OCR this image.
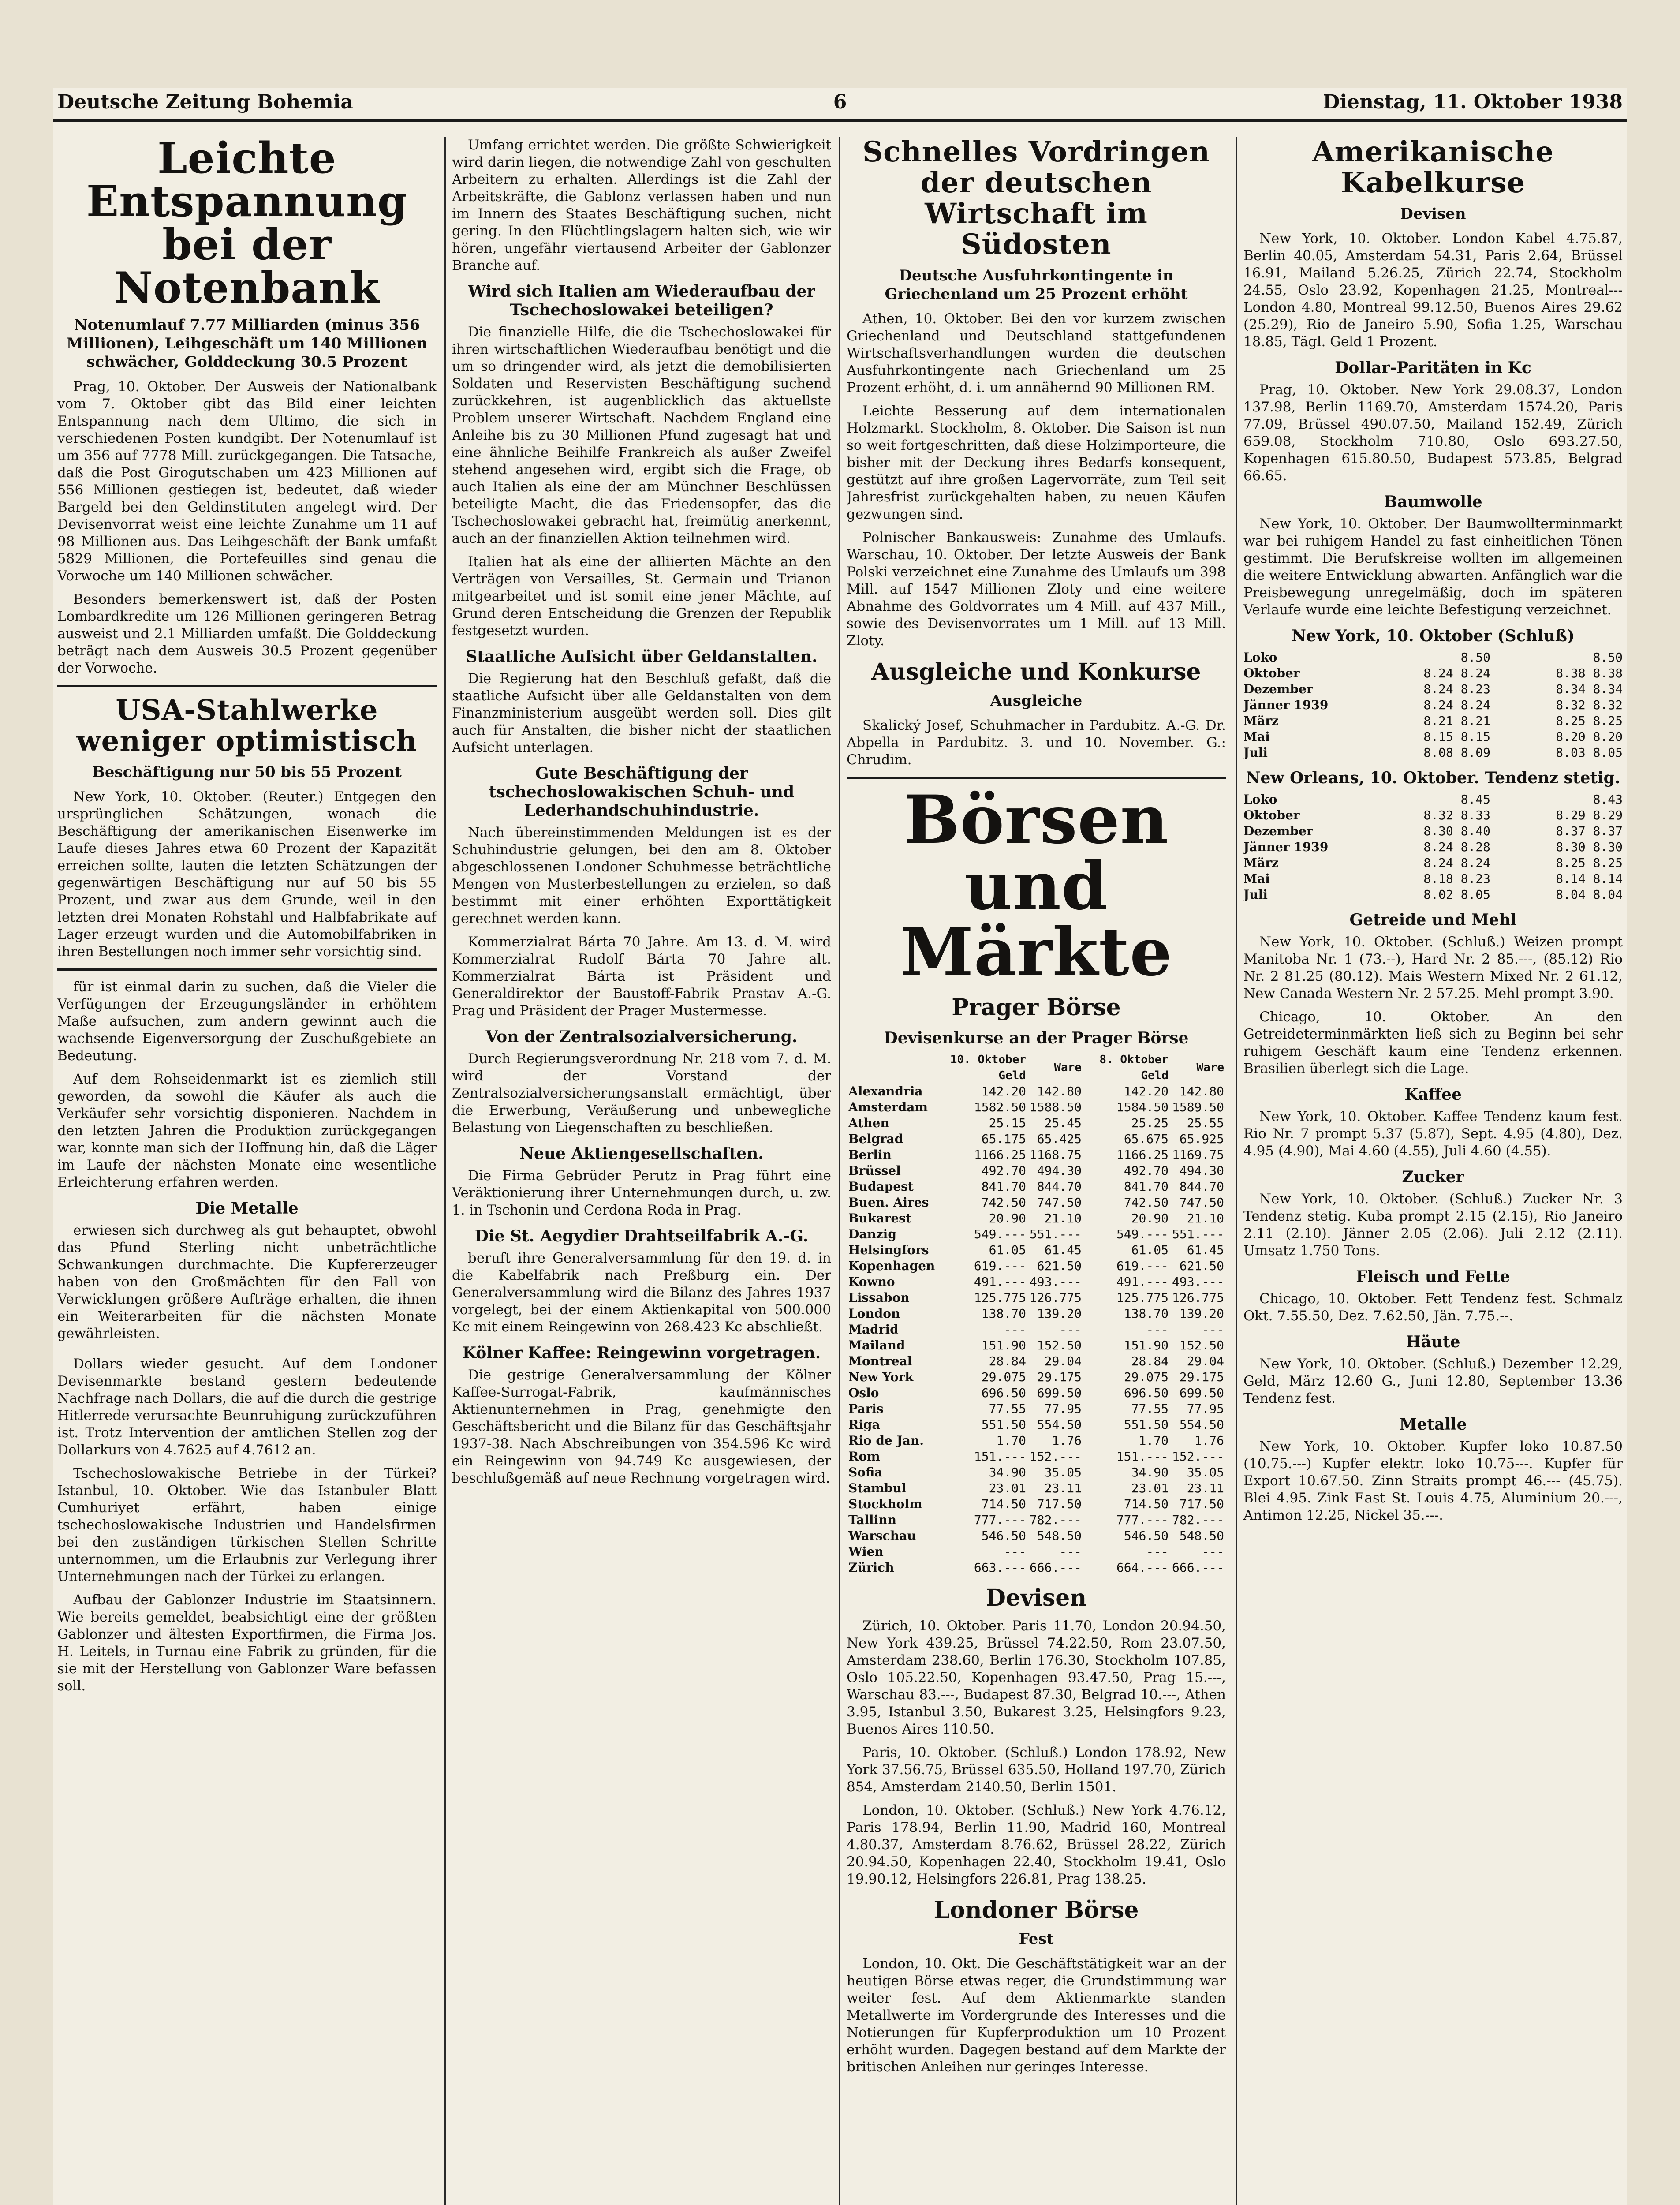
Deutsche Zeitung Bohemia	6	Dienstag, 11. Oktober 1938
Leichte Entspannung bei der Notenbank
Notenumlauf 7.77 Milliarden (minus 356 Millionen), Leihgeschäft um 140 Millionen schwächer, Golddeckung 30.5 Prozent

Prag, 10. Oktober. Der Ausweis der Nationalbank vom 7. Oktober gibt das Bild einer leichten Entspannung nach dem Ultimo, die sich in verschiedenen Posten kundgibt. Der Notenumlauf ist um 356 auf 7778 Mill. zurückgegangen. Die Tatsache, daß die Post Girogutschaben um 423 Millionen auf 556 Millionen gestiegen ist, bedeutet, daß wieder Bargeld bei den Geldinstituten angelegt wird. Der Devisenvorrat weist eine leichte Zunahme um 11 auf 98 Millionen aus. Das Leihgeschäft der Bank umfaßt 5829 Millionen, die Portefeuilles sind genau die Vorwoche um 140 Millionen schwächer.

Besonders bemerkenswert ist, daß der Posten Lombardkredite um 126 Millionen geringeren Betrag ausweist und 2.1 Milliarden umfaßt. Die Golddeckung beträgt nach dem Ausweis 30.5 Prozent gegenüber der Vorwoche.

USA-Stahlwerke weniger optimistisch
Beschäftigung nur 50 bis 55 Prozent

New York, 10. Oktober. (Reuter.) Entgegen den ursprünglichen Schätzungen, wonach die Beschäftigung der amerikanischen Eisenwerke im Laufe dieses Jahres etwa 60 Prozent der Kapazität erreichen sollte, lauten die letzten Schätzungen der gegenwärtigen Beschäftigung nur auf 50 bis 55 Prozent, und zwar aus dem Grunde, weil in den letzten drei Monaten Rohstahl und Halbfabrikate auf Lager erzeugt wurden und die Automobilfabriken in ihren Bestellungen noch immer sehr vorsichtig sind.

für ist einmal darin zu suchen, daß die Vieler die Verfügungen der Erzeugungsländer in erhöhtem Maße aufsuchen, zum andern gewinnt auch die wachsende Eigenversorgung der Zuschußgebiete an Bedeutung.

Auf dem Rohseidenmarkt ist es ziemlich still geworden, da sowohl die Käufer als auch die Verkäufer sehr vorsichtig disponieren. Nachdem in den letzten Jahren die Produktion zurückgegangen war, konnte man sich der Hoffnung hin, daß die Läger im Laufe der nächsten Monate eine wesentliche Erleichterung erfahren werden.

Die Metalle

erwiesen sich durchweg als gut behauptet, obwohl das Pfund Sterling nicht unbeträchtliche Schwankungen durchmachte. Die Kupfererzeuger haben von den Großmächten für den Fall von Verwicklungen größere Aufträge erhalten, die ihnen ein Weiterarbeiten für die nächsten Monate gewährleisten.

Dollars wieder gesucht. Auf dem Londoner Devisenmarkte bestand gestern bedeutende Nachfrage nach Dollars, die auf die durch die gestrige Hitlerrede verursachte Beunruhigung zurückzuführen ist. Trotz Intervention der amtlichen Stellen zog der Dollarkurs von 4.7625 auf 4.7612 an.

Tschechoslowakische Betriebe in der Türkei? Istanbul, 10. Oktober. Wie das Istanbuler Blatt Cumhuriyet erfährt, haben einige tschechoslowakische Industrien und Handelsfirmen bei den zuständigen türkischen Stellen Schritte unternommen, um die Erlaubnis zur Verlegung ihrer Unternehmungen nach der Türkei zu erlangen.

Aufbau der Gablonzer Industrie im Staatsinnern. Wie bereits gemeldet, beabsichtigt eine der größten Gablonzer und ältesten Exportfirmen, die Firma Jos. H. Leitels, in Turnau eine Fabrik zu gründen, für die sie mit der Herstellung von Gablonzer Ware befassen soll.

Umfang errichtet werden. Die größte Schwierigkeit wird darin liegen, die notwendige Zahl von geschulten Arbeitern zu erhalten. Allerdings ist die Zahl der Arbeitskräfte, die Gablonz verlassen haben und nun im Innern des Staates Beschäftigung suchen, nicht gering. In den Flüchtlingslagern halten sich, wie wir hören, ungefähr viertausend Arbeiter der Gablonzer Branche auf.

Wird sich Italien am Wiederaufbau der Tschechoslowakei beteiligen?

Die finanzielle Hilfe, die die Tschechoslowakei für ihren wirtschaftlichen Wiederaufbau benötigt und die um so dringender wird, als jetzt die demobilisierten Soldaten und Reservisten Beschäftigung suchend zurückkehren, ist augenblicklich das aktuellste Problem unserer Wirtschaft. Nachdem England eine Anleihe bis zu 30 Millionen Pfund zugesagt hat und eine ähnliche Beihilfe Frankreich als außer Zweifel stehend angesehen wird, ergibt sich die Frage, ob auch Italien als eine der am Münchner Beschlüssen beteiligte Macht, die das Friedensopfer, das die Tschechoslowakei gebracht hat, freimütig anerkennt, auch an der finanziellen Aktion teilnehmen wird.

Italien hat als eine der alliierten Mächte an den Verträgen von Versailles, St. Germain und Trianon mitgearbeitet und ist somit eine jener Mächte, auf Grund deren Entscheidung die Grenzen der Republik festgesetzt wurden.

Staatliche Aufsicht über Geldanstalten.

Die Regierung hat den Beschluß gefaßt, daß die staatliche Aufsicht über alle Geldanstalten von dem Finanzministerium ausgeübt werden soll. Dies gilt auch für Anstalten, die bisher nicht der staatlichen Aufsicht unterlagen.

Gute Beschäftigung der tschechoslowakischen Schuh- und Lederhandschuhindustrie.

Nach übereinstimmenden Meldungen ist es der Schuhindustrie gelungen, bei den am 8. Oktober abgeschlossenen Londoner Schuhmesse beträchtliche Mengen von Musterbestellungen zu erzielen, so daß bestimmt mit einer erhöhten Exporttätigkeit gerechnet werden kann.

Kommerzialrat Bárta 70 Jahre. Am 13. d. M. wird Kommerzialrat Rudolf Bárta 70 Jahre alt. Kommerzialrat Bárta ist Präsident und Generaldirektor der Baustoff-Fabrik Prastav A.-G. Prag und Präsident der Prager Mustermesse.

Von der Zentralsozialversicherung.

Durch Regierungsverordnung Nr. 218 vom 7. d. M. wird der Vorstand der Zentralsozialversicherungsanstalt ermächtigt, über die Erwerbung, Veräußerung und unbewegliche Belastung von Liegenschaften zu beschließen.

Neue Aktiengesellschaften.

Die Firma Gebrüder Perutz in Prag führt eine Veräktionierung ihrer Unternehmungen durch, u. zw. 1. in Tschonin und Cerdona Roda in Prag.

Die St. Aegydier Drahtseilfabrik A.-G.

beruft ihre Generalversammlung für den 19. d. in die Kabelfabrik nach Preßburg ein. Der Generalversammlung wird die Bilanz des Jahres 1937 vorgelegt, bei der einem Aktienkapital von 500.000 Kc mit einem Reingewinn von 268.423 Kc abschließt.

Kölner Kaffee: Reingewinn vorgetragen.

Die gestrige Generalversammlung der Kölner Kaffee-Surrogat-Fabrik, kaufmännisches Aktienunternehmen in Prag, genehmigte den Geschäftsbericht und die Bilanz für das Geschäftsjahr 1937-38. Nach Abschreibungen von 354.596 Kc wird ein Reingewinn von 94.749 Kc ausgewiesen, der beschlußgemäß auf neue Rechnung vorgetragen wird.

Schnelles Vordringen der deutschen Wirtschaft im Südosten
Deutsche Ausfuhrkontingente in Griechenland um 25 Prozent erhöht

Athen, 10. Oktober. Bei den vor kurzem zwischen Griechenland und Deutschland stattgefundenen Wirtschaftsverhandlungen wurden die deutschen Ausfuhrkontingente nach Griechenland um 25 Prozent erhöht, d. i. um annähernd 90 Millionen RM.

Leichte Besserung auf dem internationalen Holzmarkt. Stockholm, 8. Oktober. Die Saison ist nun so weit fortgeschritten, daß diese Holzimporteure, die bisher mit der Deckung ihres Bedarfs konsequent, gestützt auf ihre großen Lagervorräte, zum Teil seit Jahresfrist zurückgehalten haben, zu neuen Käufen gezwungen sind.

Polnischer Bankausweis: Zunahme des Umlaufs. Warschau, 10. Oktober. Der letzte Ausweis der Bank Polski verzeichnet eine Zunahme des Umlaufs um 398 Mill. auf 1547 Millionen Zloty und eine weitere Abnahme des Goldvorrates um 4 Mill. auf 437 Mill., sowie des Devisenvorrates um 1 Mill. auf 13 Mill. Zloty.

Ausgleiche und Konkurse
Ausgleiche

Skalický Josef, Schuhmacher in Pardubitz. A.-G. Dr. Abpella in Pardubitz. 3. und 10. November. G.: Chrudim.

Börsen und Märkte
Prager Börse
Devisenkurse an der Prager Börse
	10. Oktober Geld	Ware	8. Oktober Geld	Ware
Alexandria	142.20	142.80	142.20	142.80
Amsterdam	1582.50	1588.50	1584.50	1589.50
Athen	25.15	25.45	25.25	25.55
Belgrad	65.175	65.425	65.675	65.925
Berlin	1166.25	1168.75	1166.25	1169.75
Brüssel	492.70	494.30	492.70	494.30
Budapest	841.70	844.70	841.70	844.70
Buen. Aires	742.50	747.50	742.50	747.50
Bukarest	20.90	21.10	20.90	21.10
Danzig	549.---	551.---	549.---	551.---
Helsingfors	61.05	61.45	61.05	61.45
Kopenhagen	619.---	621.50	619.---	621.50
Kowno	491.---	493.---	491.---	493.---
Lissabon	125.775	126.775	125.775	126.775
London	138.70	139.20	138.70	139.20
Madrid	---	---	---	---
Mailand	151.90	152.50	151.90	152.50
Montreal	28.84	29.04	28.84	29.04
New York	29.075	29.175	29.075	29.175
Oslo	696.50	699.50	696.50	699.50
Paris	77.55	77.95	77.55	77.95
Riga	551.50	554.50	551.50	554.50
Rio de Jan.	1.70	1.76	1.70	1.76
Rom	151.---	152.---	151.---	152.---
Sofia	34.90	35.05	34.90	35.05
Stambul	23.01	23.11	23.01	23.11
Stockholm	714.50	717.50	714.50	717.50
Tallinn	777.---	782.---	777.---	782.---
Warschau	546.50	548.50	546.50	548.50
Wien	---	---	---	---
Zürich	663.---	666.---	664.---	666.---
Devisen

Zürich, 10. Oktober. Paris 11.70, London 20.94.50, New York 439.25, Brüssel 74.22.50, Rom 23.07.50, Amsterdam 238.60, Berlin 176.30, Stockholm 107.85, Oslo 105.22.50, Kopenhagen 93.47.50, Prag 15.---, Warschau 83.---, Budapest 87.30, Belgrad 10.---, Athen 3.95, Istanbul 3.50, Bukarest 3.25, Helsingfors 9.23, Buenos Aires 110.50.

Paris, 10. Oktober. (Schluß.) London 178.92, New York 37.56.75, Brüssel 635.50, Holland 197.70, Zürich 854, Amsterdam 2140.50, Berlin 1501.

London, 10. Oktober. (Schluß.) New York 4.76.12, Paris 178.94, Berlin 11.90, Madrid 160, Montreal 4.80.37, Amsterdam 8.76.62, Brüssel 28.22, Zürich 20.94.50, Kopenhagen 22.40, Stockholm 19.41, Oslo 19.90.12, Helsingfors 226.81, Prag 138.25.

Londoner Börse
Fest

London, 10. Okt. Die Geschäftstätigkeit war an der heutigen Börse etwas reger, die Grundstimmung war weiter fest. Auf dem Aktienmarkte standen Metallwerte im Vordergrunde des Interesses und die Notierungen für Kupferproduktion um 10 Prozent erhöht wurden. Dagegen bestand auf dem Markte der britischen Anleihen nur geringes Interesse.

Amerikanische Kabelkurse
Devisen

New York, 10. Oktober. London Kabel 4.75.87, Berlin 40.05, Amsterdam 54.31, Paris 2.64, Brüssel 16.91, Mailand 5.26.25, Zürich 22.74, Stockholm 24.55, Oslo 23.92, Kopenhagen 21.25, Montreal---London 4.80, Montreal 99.12.50, Buenos Aires 29.62 (25.29), Rio de Janeiro 5.90, Sofia 1.25, Warschau 18.85, Tägl. Geld 1 Prozent.

Dollar-Paritäten in Kc

Prag, 10. Oktober. New York 29.08.37, London 137.98, Berlin 1169.70, Amsterdam 1574.20, Paris 77.09, Brüssel 490.07.50, Mailand 152.49, Zürich 659.08, Stockholm 710.80, Oslo 693.27.50, Kopenhagen 615.80.50, Budapest 573.85, Belgrad 66.65.

Baumwolle

New York, 10. Oktober. Der Baumwollterminmarkt war bei ruhigem Handel zu fast einheitlichen Tönen gestimmt. Die Berufskreise wollten im allgemeinen die weitere Entwicklung abwarten. Anfänglich war die Preisbewegung unregelmäßig, doch im späteren Verlaufe wurde eine leichte Befestigung verzeichnet.

New York, 10. Oktober (Schluß)
Loko	8.50	8.50
Oktober	8.24 8.24	8.38 8.38
Dezember	8.24 8.23	8.34 8.34
Jänner 1939	8.24 8.24	8.32 8.32
März	8.21 8.21	8.25 8.25
Mai	8.15 8.15	8.20 8.20
Juli	8.08 8.09	8.03 8.05
New Orleans, 10. Oktober. Tendenz stetig.
Loko	8.45	8.43
Oktober	8.32 8.33	8.29 8.29
Dezember	8.30 8.40	8.37 8.37
Jänner 1939	8.24 8.28	8.30 8.30
März	8.24 8.24	8.25 8.25
Mai	8.18 8.23	8.14 8.14
Juli	8.02 8.05	8.04 8.04
Getreide und Mehl

New York, 10. Oktober. (Schluß.) Weizen prompt Manitoba Nr. 1 (73.--), Hard Nr. 2 85.---, (85.12) Rio Nr. 2 81.25 (80.12). Mais Western Mixed Nr. 2 61.12, New Canada Western Nr. 2 57.25. Mehl prompt 3.90.

Chicago, 10. Oktober. An den Getreideterminmärkten ließ sich zu Beginn bei sehr ruhigem Geschäft kaum eine Tendenz erkennen. Brasilien überlegt sich die Lage.

Kaffee

New York, 10. Oktober. Kaffee Tendenz kaum fest. Rio Nr. 7 prompt 5.37 (5.87), Sept. 4.95 (4.80), Dez. 4.95 (4.90), Mai 4.60 (4.55), Juli 4.60 (4.55).

Zucker

New York, 10. Oktober. (Schluß.) Zucker Nr. 3 Tendenz stetig. Kuba prompt 2.15 (2.15), Rio Janeiro 2.11 (2.10). Jänner 2.05 (2.06). Juli 2.12 (2.11). Umsatz 1.750 Tons.

Fleisch und Fette

Chicago, 10. Oktober. Fett Tendenz fest. Schmalz Okt. 7.55.50, Dez. 7.62.50, Jän. 7.75.--.

Häute

New York, 10. Oktober. (Schluß.) Dezember 12.29, Geld, März 12.60 G., Juni 12.80, September 13.36 Tendenz fest.

Metalle

New York, 10. Oktober. Kupfer loko 10.87.50 (10.75.---) Kupfer elektr. loko 10.75---. Kupfer für Export 10.67.50. Zinn Straits prompt 46.--- (45.75). Blei 4.95. Zink East St. Louis 4.75, Aluminium 20.---, Antimon 12.25, Nickel 35.---.
